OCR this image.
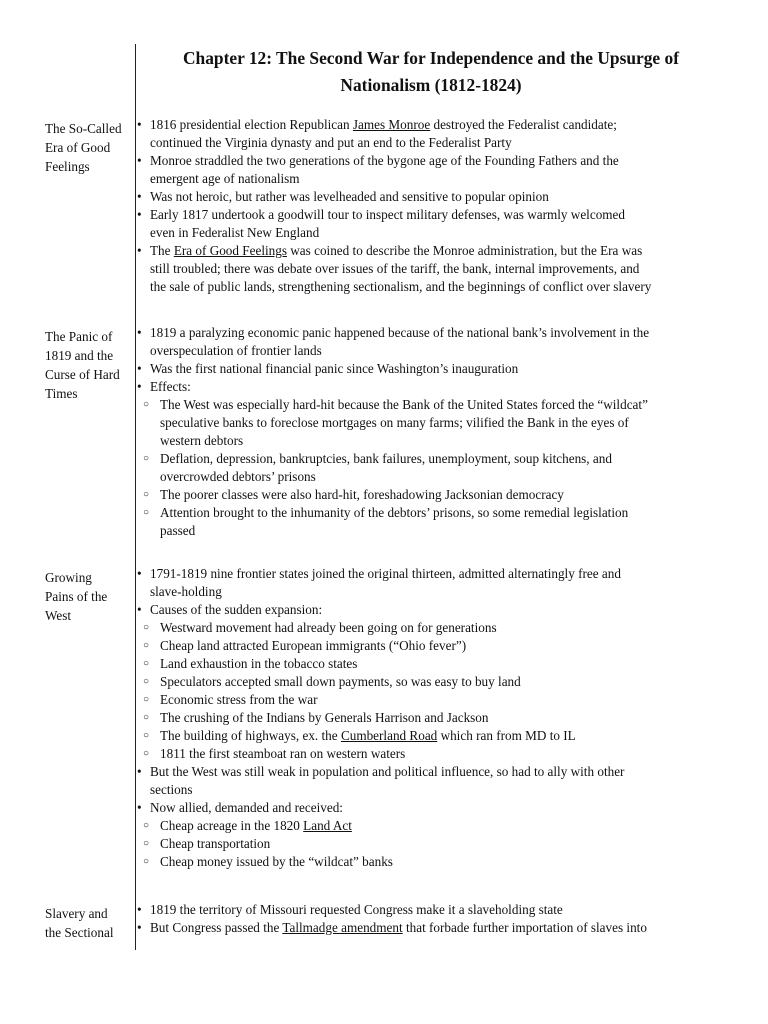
Chapter 12: The Second War for Independence and the Upsurge of
Nationalism (1812-1824)
The So-Called
Era of Good
Feelings
• 1816 presidential election Republican James Monroe destroyed the Federalist candidate;
continued the Virginia dynasty and put an end to the Federalist Party
• Monroe straddled the two generations of the bygone age of the Founding Fathers and the
emergent age of nationalism
• Was not heroic, but rather was levelheaded and sensitive to popular opinion
• Early 1817 undertook a goodwill tour to inspect military defenses, was warmly welcomed
even in Federalist New England
• The Era of Good Feelings was coined to describe the Monroe administration, but the Era was
still troubled; there was debate over issues of the tariff, the bank, internal improvements, and
the sale of public lands, strengthening sectionalism, and the beginnings of conflict over slavery
The Panic of
1819 and the
Curse of Hard
Times
• 1819 a paralyzing economic panic happened because of the national bank’s involvement in the
overspeculation of frontier lands
• Was the first national financial panic since Washington’s inauguration
• Effects:
○ The West was especially hard-hit because the Bank of the United States forced the “wildcat”
speculative banks to foreclose mortgages on many farms; vilified the Bank in the eyes of
western debtors
○ Deflation, depression, bankruptcies, bank failures, unemployment, soup kitchens, and
overcrowded debtors’ prisons
○ The poorer classes were also hard-hit, foreshadowing Jacksonian democracy
○ Attention brought to the inhumanity of the debtors’ prisons, so some remedial legislation
passed
Growing
Pains of the
West
• 1791-1819 nine frontier states joined the original thirteen, admitted alternatingly free and
slave-holding
• Causes of the sudden expansion:
○ Westward movement had already been going on for generations
○ Cheap land attracted European immigrants (“Ohio fever”)
○ Land exhaustion in the tobacco states
○ Speculators accepted small down payments, so was easy to buy land
○ Economic stress from the war
○ The crushing of the Indians by Generals Harrison and Jackson
○ The building of highways, ex. the Cumberland Road which ran from MD to IL
○ 1811 the first steamboat ran on western waters
• But the West was still weak in population and political influence, so had to ally with other
sections
• Now allied, demanded and received:
○ Cheap acreage in the 1820 Land Act
○ Cheap transportation
○ Cheap money issued by the “wildcat” banks
Slavery and
the Sectional
• 1819 the territory of Missouri requested Congress make it a slaveholding state
• But Congress passed the Tallmadge amendment that forbade further importation of slaves into
